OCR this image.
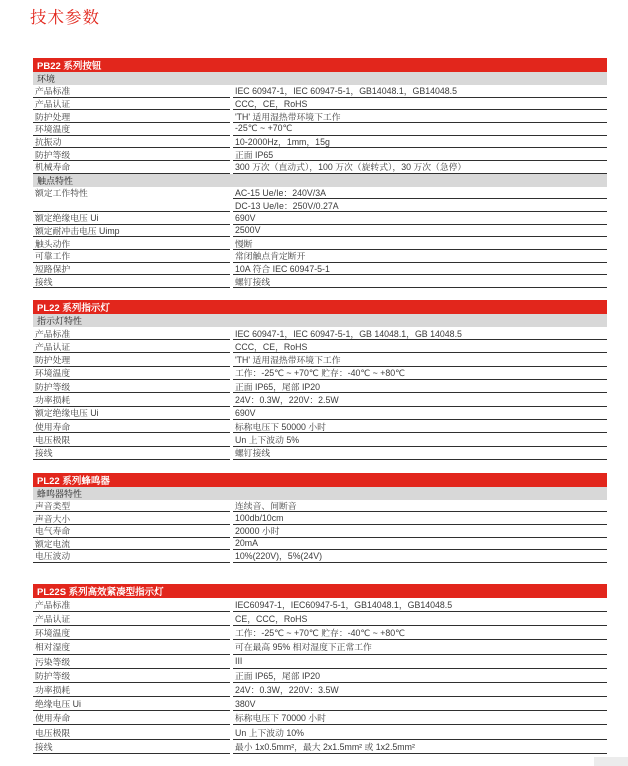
技术参数
PB22 系列按钮
环境
产品标准	IEC 60947-1，IEC 60947-5-1，GB14048.1，GB14048.5
产品认证	CCC，CE，RoHS
防护处理	'TH' 适用湿热带环境下工作
环境温度	-25℃ ~ +70℃
抗振动	10-2000Hz，1mm，15g
防护等级	正面 IP65
机械寿命	300 万次（直动式），100 万次（旋转式），30 万次（急停）
触点特性
额定工作特性	AC-15 Ue/Ie：240V/3A
DC-13 Ue/Ie：250V/0.27A
额定绝缘电压 Ui	690V
额定耐冲击电压 Uimp	2500V
触头动作	慢断
可靠工作	常闭触点肯定断开
短路保护	10A 符合 IEC 60947-5-1
接线	螺钉接线
PL22 系列指示灯
指示灯特性
产品标准	IEC 60947-1，IEC 60947-5-1，GB 14048.1，GB 14048.5
产品认证	CCC，CE，RoHS
防护处理	'TH' 适用湿热带环境下工作
环境温度	工作：-25℃ ~ +70℃ 贮存：-40℃ ~ +80℃
防护等级	正面 IP65，尾部 IP20
功率损耗	24V：0.3W，220V：2.5W
额定绝缘电压 Ui	690V
使用寿命	标称电压下 50000 小时
电压极限	Un 上下波动 5%
接线	螺钉接线
PL22 系列蜂鸣器
蜂鸣器特性
声音类型	连续音、间断音
声音大小	100db/10cm
电气寿命	20000 小时
额定电流	20mA
电压波动	10%(220V)，5%(24V)
PL22S 系列高效紧凑型指示灯
产品标准	IEC60947-1，IEC60947-5-1，GB14048.1，GB14048.5
产品认证	CE，CCC，RoHS
环境温度	工作：-25℃ ~ +70℃ 贮存：-40℃ ~ +80℃
相对湿度	可在最高 95% 相对湿度下正常工作
污染等级	III
防护等级	正面 IP65，尾部 IP20
功率损耗	24V：0.3W，220V：3.5W
绝缘电压 Ui	380V
使用寿命	标称电压下 70000 小时
电压极限	Un 上下波动 10%
接线	最小 1x0.5mm²，最大 2x1.5mm² 或 1x2.5mm²
